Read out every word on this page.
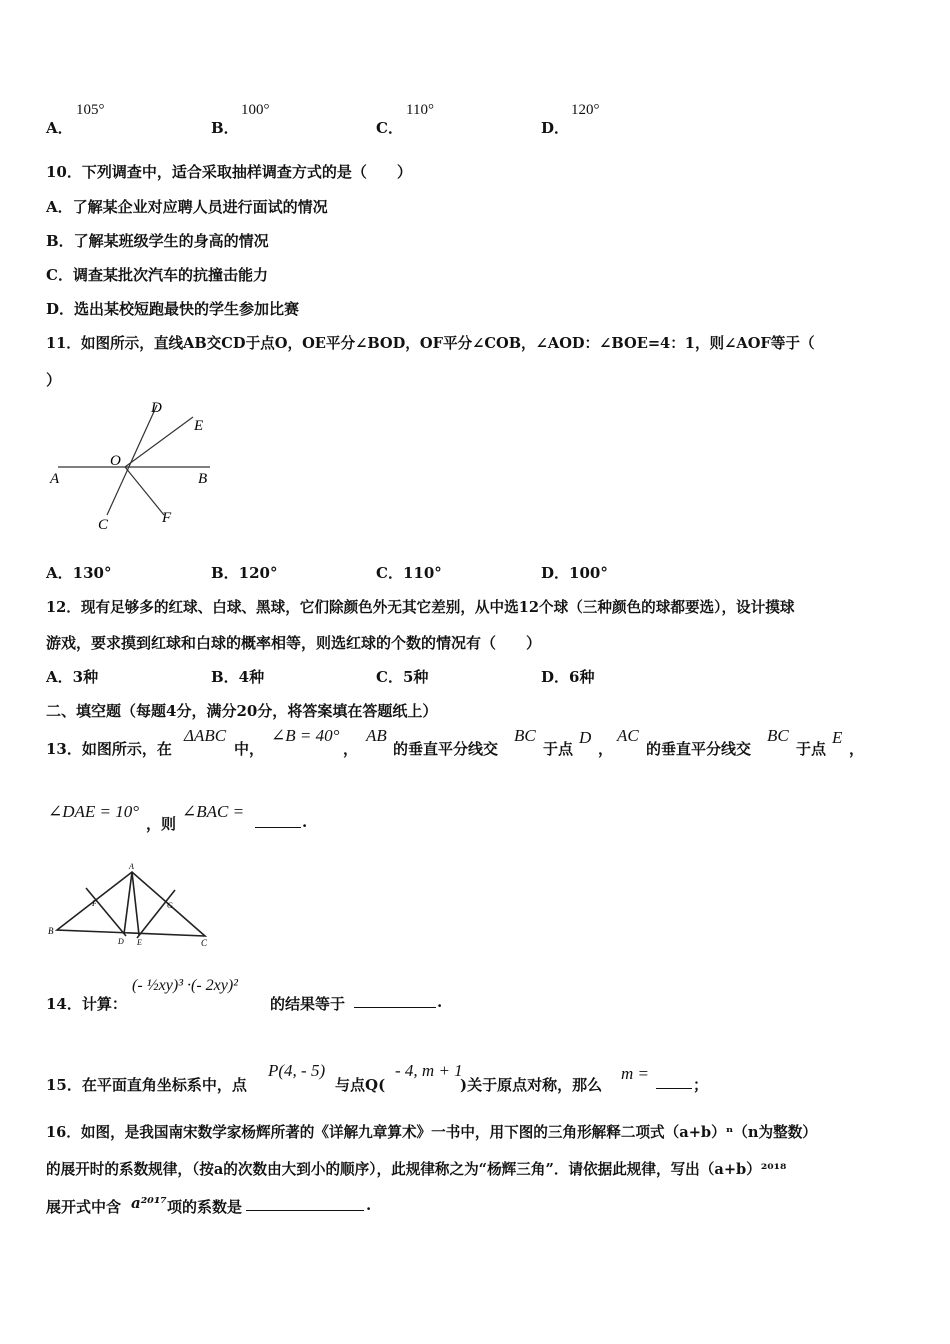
A．
105°
B．
100°
C．
110°
D．
120°
10．下列调查中，适合采取抽样调查方式的是（　　）
A．了解某企业对应聘人员进行面试的情况
B．了解某班级学生的身高的情况
C．调查某批次汽车的抗撞击能力
D．选出某校短跑最快的学生参加比赛
11．如图所示，直线AB交CD于点O，OE平分∠BOD，OF平分∠COB，∠AOD：∠BOE=4：1，则∠AOF等于（
）
A	B
C
D
E
F
O
A．130°	B．120°	C．110°	D．100°
12．现有足够多的红球、白球、黑球，它们除颜色外无其它差别，从中选12个球（三种颜色的球都要选），设计摸球
游戏，要求摸到红球和白球的概率相等，则选红球的个数的情况有（　　）
A．3种	B．4种	C．5种	D．6种
二、填空题（每题4分，满分20分，将答案填在答题纸上）
13．如图所示，在
ΔABC
中，
∠B = 40°
，
AB
的垂直平分线交
BC
于点
D
，
AC
的垂直平分线交
BC
于点
E
，
∠DAE = 10°
，则
∠BAC =
.
A
B
C
D E
F	G
14．计算：
(- ½xy)³ ·(- 2xy)²
的结果等于	.
15．在平面直角坐标系中，点
P(4, - 5)
与点Q(
- 4, m + 1
)关于原点对称，那么
m =
；
16．如图，是我国南宋数学家杨辉所著的《详解九章算术》一书中，用下图的三角形解释二项式（a+b）ⁿ（n为整数）
的展开时的系数规律，（按a的次数由大到小的顺序），此规律称之为“杨辉三角”．请依据此规律，写出（a+b）²⁰¹⁸
展开式中含 a²⁰¹⁷ 项的系数是	.
